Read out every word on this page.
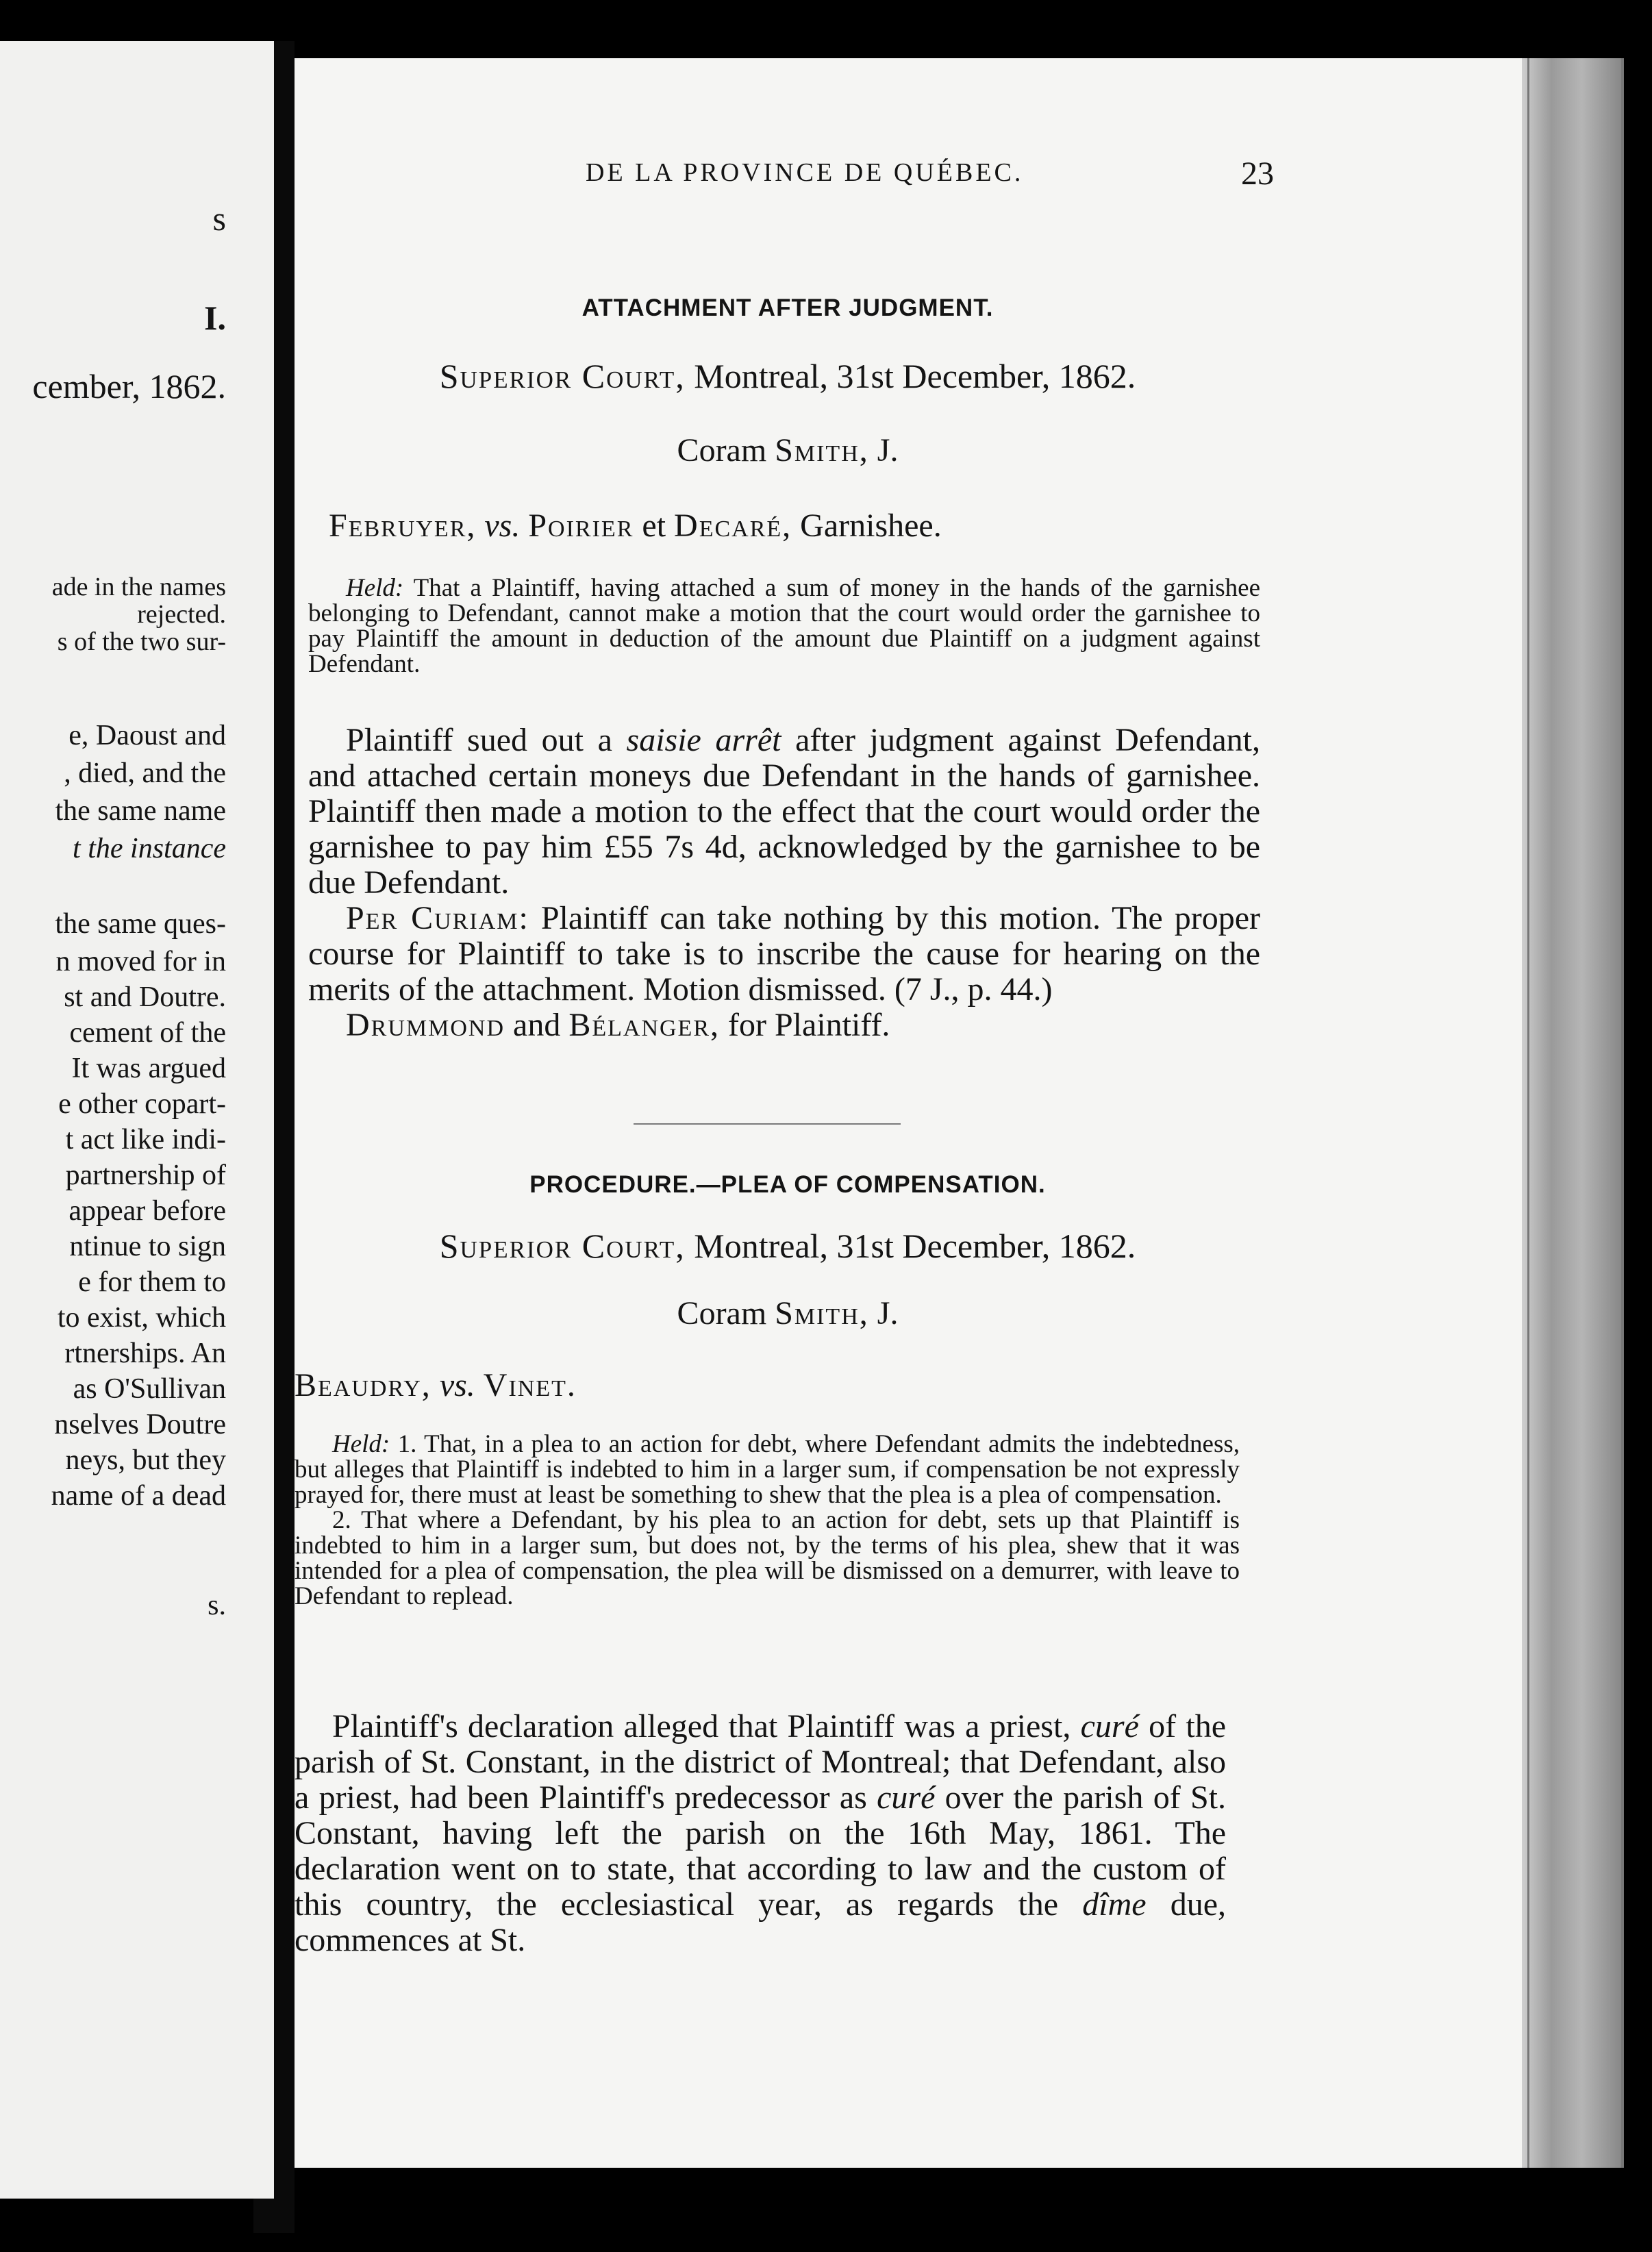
s
I.
cember, 1862.
ade in the names
rejected.
s of the two sur-
e, Daoust and
, died, and the
the same name
t the instance
the same ques-
n moved for in
st and Doutre.
cement of the
It was argued
e other copart-
t act like indi-
partnership of
appear before
ntinue to sign
e for them to
to exist, which
rtnerships. An
as O'Sullivan
nselves Doutre
neys, but they
name of a dead
s.
DE LA PROVINCE DE QUÉBEC.	23
ATTACHMENT AFTER JUDGMENT.
Superior Court, Montreal, 31st December, 1862.
Coram Smith, J.
Februyer, vs. Poirier et Decaré, Garnishee.

Held: That a Plaintiff, having attached a sum of money in the hands of the garnishee belonging to Defendant, cannot make a motion that the court would order the garnishee to pay Plaintiff the amount in deduction of the amount due Plaintiff on a judgment against Defendant.

Plaintiff sued out a saisie arrêt after judgment against Defendant, and attached certain moneys due Defendant in the hands of garnishee. Plaintiff then made a motion to the effect that the court would order the garnishee to pay him £55 7s 4d, acknowledged by the garnishee to be due Defendant.

Per Curiam: Plaintiff can take nothing by this motion. The proper course for Plaintiff to take is to inscribe the cause for hearing on the merits of the attachment. Motion dismissed. (7 J., p. 44.)

Drummond and Bélanger, for Plaintiff.

PROCEDURE.—PLEA OF COMPENSATION.
Superior Court, Montreal, 31st December, 1862.
Coram Smith, J.
Beaudry, vs. Vinet.

Held: 1. That, in a plea to an action for debt, where Defendant admits the indebtedness, but alleges that Plaintiff is indebted to him in a larger sum, if compensation be not expressly prayed for, there must at least be something to shew that the plea is a plea of compensation.

2. That where a Defendant, by his plea to an action for debt, sets up that Plaintiff is indebted to him in a larger sum, but does not, by the terms of his plea, shew that it was intended for a plea of compensation, the plea will be dismissed on a demurrer, with leave to Defendant to replead.

Plaintiff's declaration alleged that Plaintiff was a priest, curé of the parish of St. Constant, in the district of Montreal; that Defendant, also a priest, had been Plaintiff's predecessor as curé over the parish of St. Constant, having left the parish on the 16th May, 1861. The declaration went on to state, that according to law and the custom of this country, the ecclesiastical year, as regards the dîme due, commences at St.
